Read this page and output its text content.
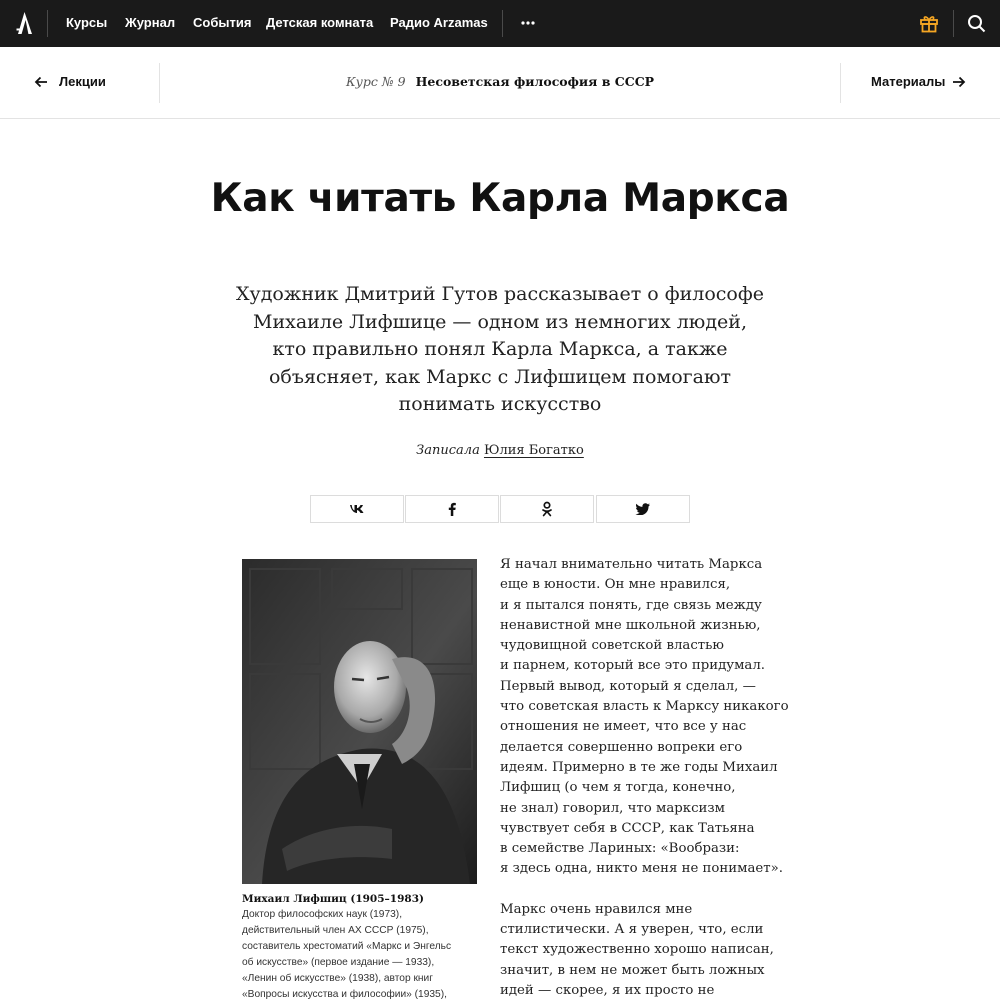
Курсы Журнал События Детская комната Радио Arzamas
Лекции	Курс № 9 Несоветская философия в СССР	Материалы
Как читать Карла Маркса

Художник Дмитрий Гутов рассказывает о философе Михаиле Лифшице — одном из немногих людей, кто правильно понял Карла Маркса, а также объясняет, как Маркс с Лифшицем помогают понимать искусство

Записала Юлия Богатко
Михаил Лифшиц (1905–1983)
Доктор философских наук (1973),
действительный член АХ СССР (1975),
составитель хрестоматий «Маркс и Энгельс
об искусстве» (первое издание — 1933),
«Ленин об искусстве» (1938), автор книг
«Вопросы искусства и философии» (1935),
Я начал внимательно читать Маркса
еще в юности. Он мне нравился,
и я пытался понять, где связь между
ненавистной мне школьной жизнью,
чудовищной советской властью
и парнем, который все это придумал.
Первый вывод, который я сделал, —
что советская власть к Марксу никакого
отношения не имеет, что все у нас
делается совершенно вопреки его
идеям. Примерно в те же годы Михаил
Лифшиц (о чем я тогда, конечно,
не знал) говорил, что марксизм
чувствует себя в СССР, как Татьяна
в семействе Лариных: «Вообрази:
я здесь одна, никто меня не понимает».
Маркс очень нравился мне
стилистически. А я уверен, что, если
текст художественно хорошо написан,
значит, в нем не может быть ложных
идей — скорее, я их просто не
